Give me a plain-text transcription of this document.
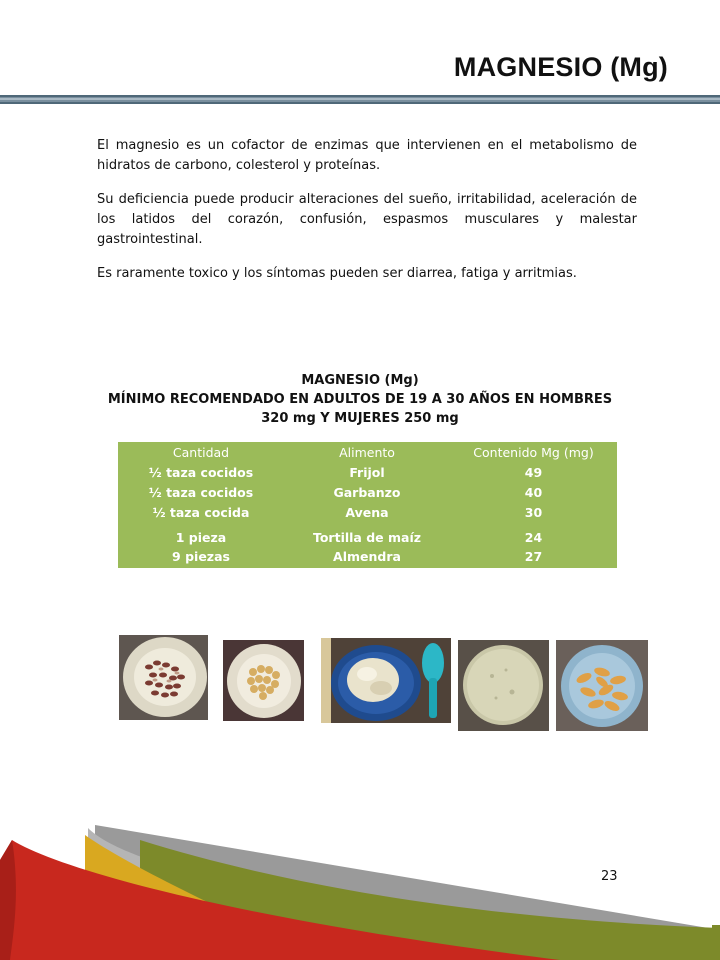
MAGNESIO (Mg)

El magnesio es un cofactor de enzimas que intervienen en el metabolismo de hidratos de carbono, colesterol y proteínas.

Su deficiencia puede producir alteraciones del sueño, irritabilidad, aceleración de los latidos del corazón, confusión, espasmos musculares y malestar gastrointestinal.

Es raramente toxico y los síntomas pueden ser diarrea, fatiga y arritmias.

MAGNESIO (Mg)
MÍNIMO RECOMENDADO EN ADULTOS DE 19 A 30 AÑOS EN HOMBRES 320 mg Y MUJERES 250 mg
Cantidad	Alimento	Contenido Mg (mg)
½ taza cocidos	Frijol	49
½ taza cocidos	Garbanzo	40
½ taza cocida	Avena	30
1 pieza	Tortilla de maíz	24
9 piezas	Almendra	27
23
